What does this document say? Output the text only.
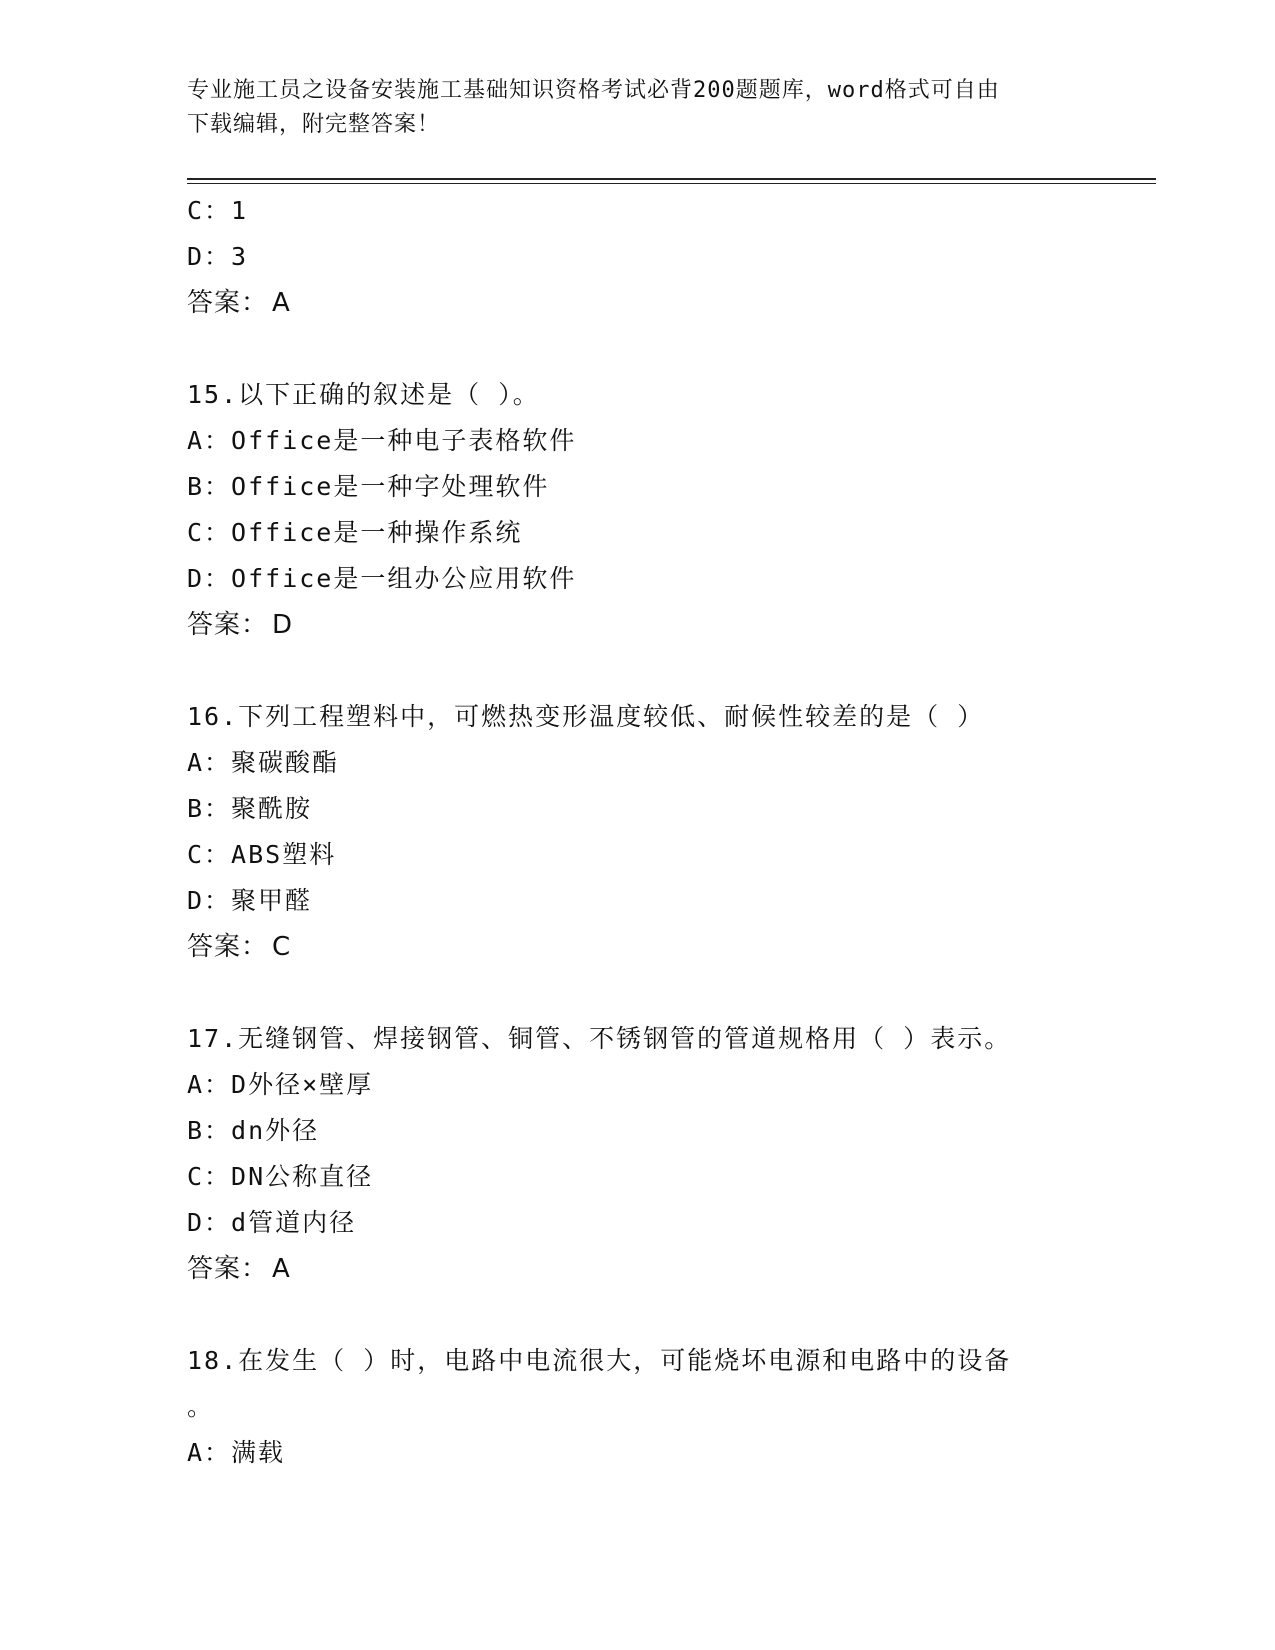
专业施工员之设备安装施工基础知识资格考试必背200题题库，word格式可自由
下载编辑，附完整答案！
C：1
D：3
答案： A
15.以下正确的叙述是（ ）。
A：Office是一种电子表格软件
B：Office是一种字处理软件
C：Office是一种操作系统
D：Office是一组办公应用软件
答案： D
16.下列工程塑料中，可燃热变形温度较低、耐候性较差的是（ ）
A：聚碳酸酯
B：聚酰胺
C：ABS塑料
D：聚甲醛
答案： C
17.无缝钢管、焊接钢管、铜管、不锈钢管的管道规格用（ ）表示。
A：D外径×壁厚
B：dn外径
C：DN公称直径
D：d管道内径
答案： A
18.在发生（ ）时，电路中电流很大，可能烧坏电源和电路中的设备
。
A：满载
